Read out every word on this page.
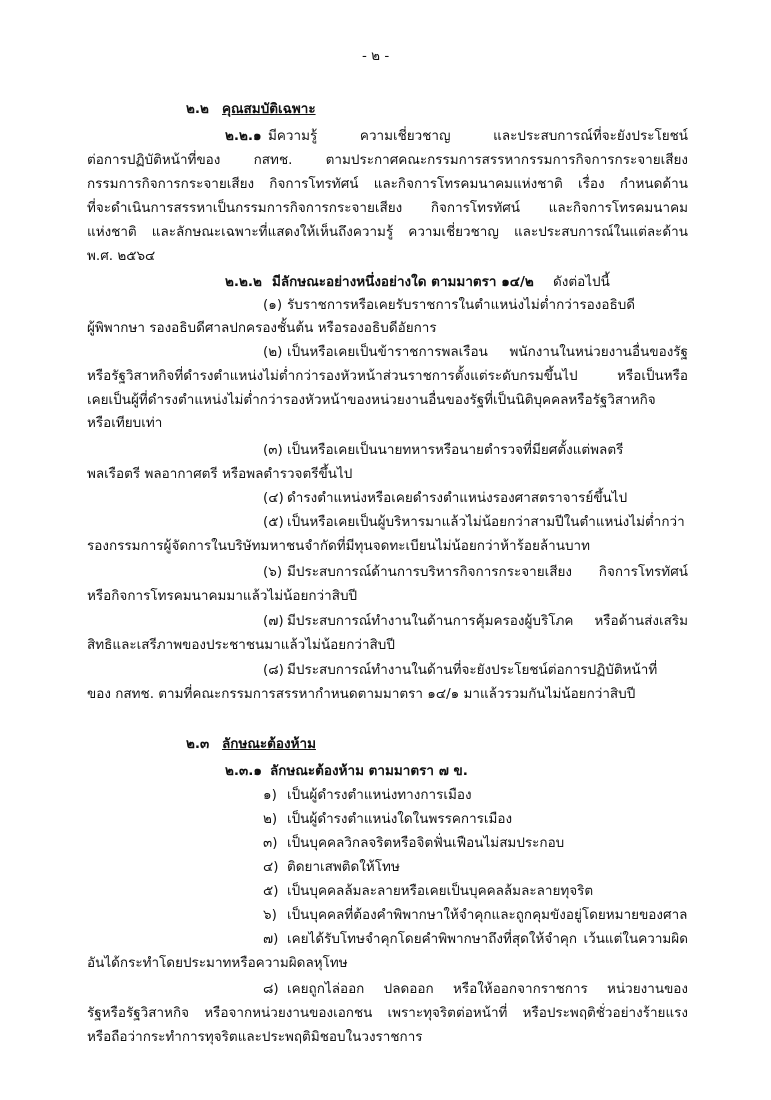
- ๒ -
๒.๒ คุณสมบัติเฉพาะ
๒.๒.๑ มีความรู้ ความเชี่ยวชาญ และประสบการณ์ที่จะยังประโยชน์
ต่อการปฏิบัติหน้าที่ของ กสทช. ตามประกาศคณะกรรมการสรรหากรรมการกิจการกระจายเสียง
กรรมการกิจการกระจายเสียง กิจการโทรทัศน์ และกิจการโทรคมนาคมแห่งชาติ เรื่อง กำหนดด้าน
ที่จะดำเนินการสรรหาเป็นกรรมการกิจการกระจายเสียง กิจการโทรทัศน์ และกิจการโทรคมนาคม
แห่งชาติ และลักษณะเฉพาะที่แสดงให้เห็นถึงความรู้ ความเชี่ยวชาญ และประสบการณ์ในแต่ละด้าน
พ.ศ. ๒๕๖๔
๒.๒.๒ มีลักษณะอย่างหนึ่งอย่างใด ตามมาตรา ๑๔/๒ ดังต่อไปนี้
(๑) รับราชการหรือเคยรับราชการในตำแหน่งไม่ต่ำกว่ารองอธิบดี
ผู้พิพากษา รองอธิบดีศาลปกครองชั้นต้น หรือรองอธิบดีอัยการ
(๒) เป็นหรือเคยเป็นข้าราชการพลเรือน พนักงานในหน่วยงานอื่นของรัฐ
หรือรัฐวิสาหกิจที่ดำรงตำแหน่งไม่ต่ำกว่ารองหัวหน้าส่วนราชการตั้งแต่ระดับกรมขึ้นไป หรือเป็นหรือ
เคยเป็นผู้ที่ดำรงตำแหน่งไม่ต่ำกว่ารองหัวหน้าของหน่วยงานอื่นของรัฐที่เป็นนิติบุคคลหรือรัฐวิสาหกิจ
หรือเทียบเท่า
(๓) เป็นหรือเคยเป็นนายทหารหรือนายตำรวจที่มียศตั้งแต่พลตรี
พลเรือตรี พลอากาศตรี หรือพลตำรวจตรีขึ้นไป
(๔) ดำรงตำแหน่งหรือเคยดำรงตำแหน่งรองศาสตราจารย์ขึ้นไป
(๕) เป็นหรือเคยเป็นผู้บริหารมาแล้วไม่น้อยกว่าสามปีในตำแหน่งไม่ต่ำกว่า
รองกรรมการผู้จัดการในบริษัทมหาชนจำกัดที่มีทุนจดทะเบียนไม่น้อยกว่าห้าร้อยล้านบาท
(๖) มีประสบการณ์ด้านการบริหารกิจการกระจายเสียง กิจการโทรทัศน์
หรือกิจการโทรคมนาคมมาแล้วไม่น้อยกว่าสิบปี
(๗) มีประสบการณ์ทำงานในด้านการคุ้มครองผู้บริโภค หรือด้านส่งเสริม
สิทธิและเสรีภาพของประชาชนมาแล้วไม่น้อยกว่าสิบปี
(๘) มีประสบการณ์ทำงานในด้านที่จะยังประโยชน์ต่อการปฏิบัติหน้าที่
ของ กสทช. ตามที่คณะกรรมการสรรหากำหนดตามมาตรา ๑๔/๑ มาแล้วรวมกันไม่น้อยกว่าสิบปี
๒.๓ ลักษณะต้องห้าม
๒.๓.๑ ลักษณะต้องห้าม ตามมาตรา ๗ ข.
๑) เป็นผู้ดำรงตำแหน่งทางการเมือง
๒) เป็นผู้ดำรงตำแหน่งใดในพรรคการเมือง
๓) เป็นบุคคลวิกลจริตหรือจิตฟั่นเฟือนไม่สมประกอบ
๔) ติดยาเสพติดให้โทษ
๕) เป็นบุคคลล้มละลายหรือเคยเป็นบุคคลล้มละลายทุจริต
๖) เป็นบุคคลที่ต้องคำพิพากษาให้จำคุกและถูกคุมขังอยู่โดยหมายของศาล
๗) เคยได้รับโทษจำคุกโดยคำพิพากษาถึงที่สุดให้จำคุก เว้นแต่ในความผิด
อันได้กระทำโดยประมาทหรือความผิดลหุโทษ
๘) เคยถูกไล่ออก ปลดออก หรือให้ออกจากราชการ หน่วยงานของ
รัฐหรือรัฐวิสาหกิจ หรือจากหน่วยงานของเอกชน เพราะทุจริตต่อหน้าที่ หรือประพฤติชั่วอย่างร้ายแรง
หรือถือว่ากระทำการทุจริตและประพฤติมิชอบในวงราชการ
